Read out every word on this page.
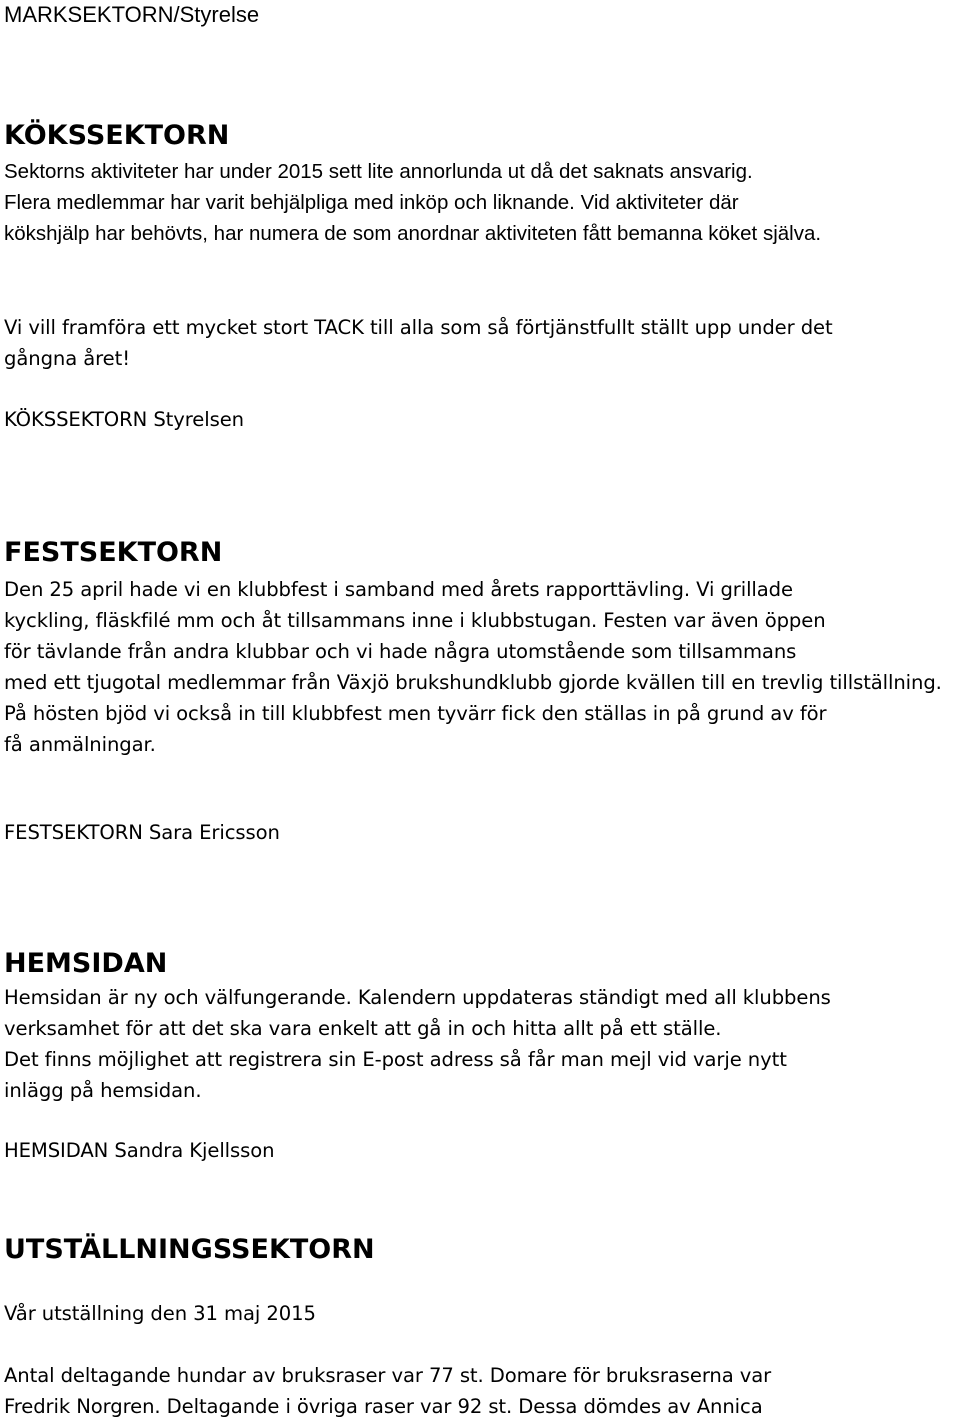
MARKSEKTORN/Styrelse
KÖKSSEKTORN
Sektorns aktiviteter har under 2015 sett lite annorlunda ut då det saknats ansvarig. Flera medlemmar har varit behjälpliga med inköp och liknande. Vid aktiviteter där kökshjälp har behövts, har numera de som anordnar aktiviteten fått bemanna köket själva.
Vi vill framföra ett mycket stort TACK till alla som så förtjänstfullt ställt upp under det gångna året!
KÖKSSEKTORN Styrelsen
FESTSEKTORN
Den 25 april hade vi en klubbfest i samband med årets rapporttävling. Vi grillade kyckling, fläskfilé mm och åt tillsammans inne i klubbstugan. Festen var även öppen för tävlande från andra klubbar och vi hade några utomstående som tillsammans med ett tjugotal medlemmar från Växjö brukshundklubb gjorde kvällen till en trevlig tillställning. På hösten bjöd vi också in till klubbfest men tyvärr fick den ställas in på grund av för få anmälningar.
FESTSEKTORN Sara Ericsson
HEMSIDAN
Hemsidan är ny och välfungerande. Kalendern uppdateras ständigt med all klubbens verksamhet för att det ska vara enkelt att gå in och hitta allt på ett ställe. Det finns möjlighet att registrera sin E-post adress så får man mejl vid varje nytt inlägg på hemsidan.
HEMSIDAN Sandra Kjellsson
UTSTÄLLNINGSSEKTORN
Vår utställning den 31 maj 2015
Antal deltagande hundar av bruksraser var 77 st. Domare för bruksraserna var Fredrik Norgren. Deltagande i övriga raser var 92 st. Dessa dömdes av Annica
